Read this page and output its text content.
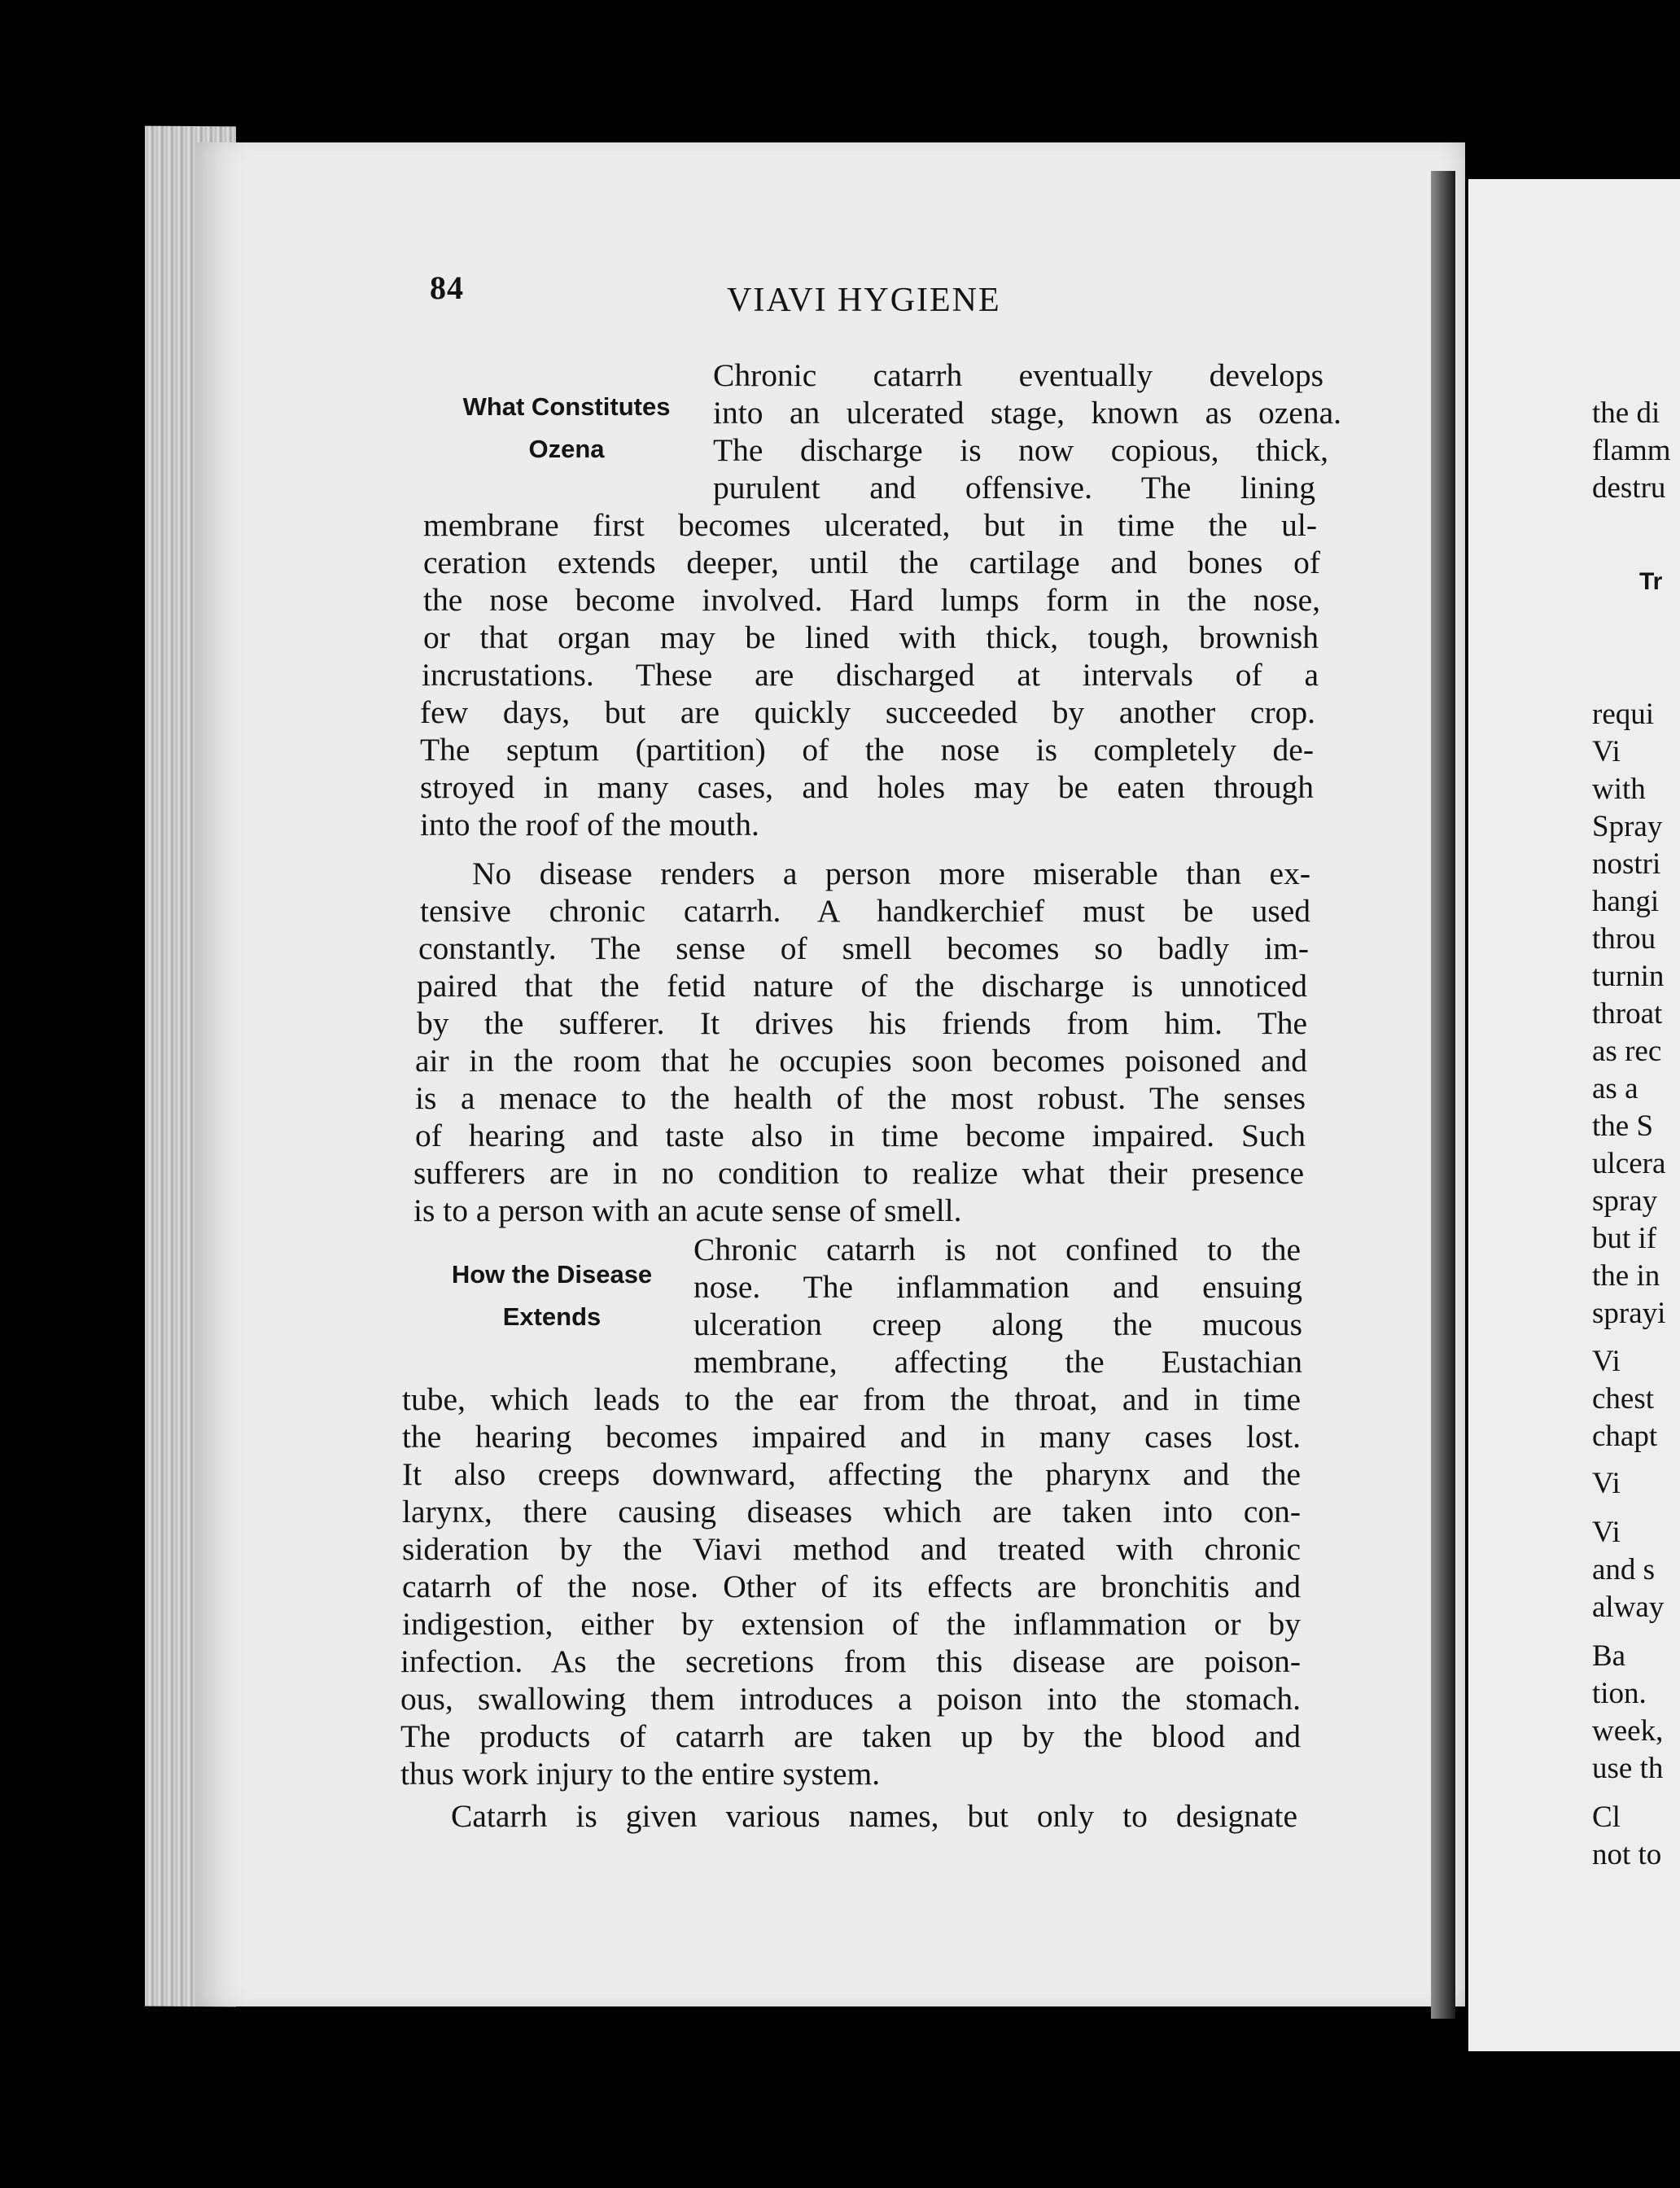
Tr
the di
flamm
destru
requi
Vi
with
Spray
nostri
hangi
throu
turnin
throat
as rec
as a
the S
ulcera
spray
but if
the in
sprayi
Vi
chest
chapt
Vi
Vi
and s
alway
Ba
tion.
week,
use th
Cl
not to
84	VIAVI HYGIENE
What Constitutes Ozena
How the Disease Extends
Chronic catarrh eventually develops
into an ulcerated stage, known as ozena.
The discharge is now copious, thick,
purulent and offensive. The lining
membrane first becomes ulcerated, but in time the ul-
ceration extends deeper, until the cartilage and bones of
the nose become involved. Hard lumps form in the nose,
or that organ may be lined with thick, tough, brownish
incrustations. These are discharged at intervals of a
few days, but are quickly succeeded by another crop.
The septum (partition) of the nose is completely de-
stroyed in many cases, and holes may be eaten through
into the roof of the mouth.
No disease renders a person more miserable than ex-
tensive chronic catarrh. A handkerchief must be used
constantly. The sense of smell becomes so badly im-
paired that the fetid nature of the discharge is unnoticed
by the sufferer. It drives his friends from him. The
air in the room that he occupies soon becomes poisoned and
is a menace to the health of the most robust. The senses
of hearing and taste also in time become impaired. Such
sufferers are in no condition to realize what their presence
is to a person with an acute sense of smell.
Chronic catarrh is not confined to the
nose. The inflammation and ensuing
ulceration creep along the mucous
membrane, affecting the Eustachian
tube, which leads to the ear from the throat, and in time
the hearing becomes impaired and in many cases lost.
It also creeps downward, affecting the pharynx and the
larynx, there causing diseases which are taken into con-
sideration by the Viavi method and treated with chronic
catarrh of the nose. Other of its effects are bronchitis and
indigestion, either by extension of the inflammation or by
infection. As the secretions from this disease are poison-
ous, swallowing them introduces a poison into the stomach.
The products of catarrh are taken up by the blood and
thus work injury to the entire system.
Catarrh is given various names, but only to designate
